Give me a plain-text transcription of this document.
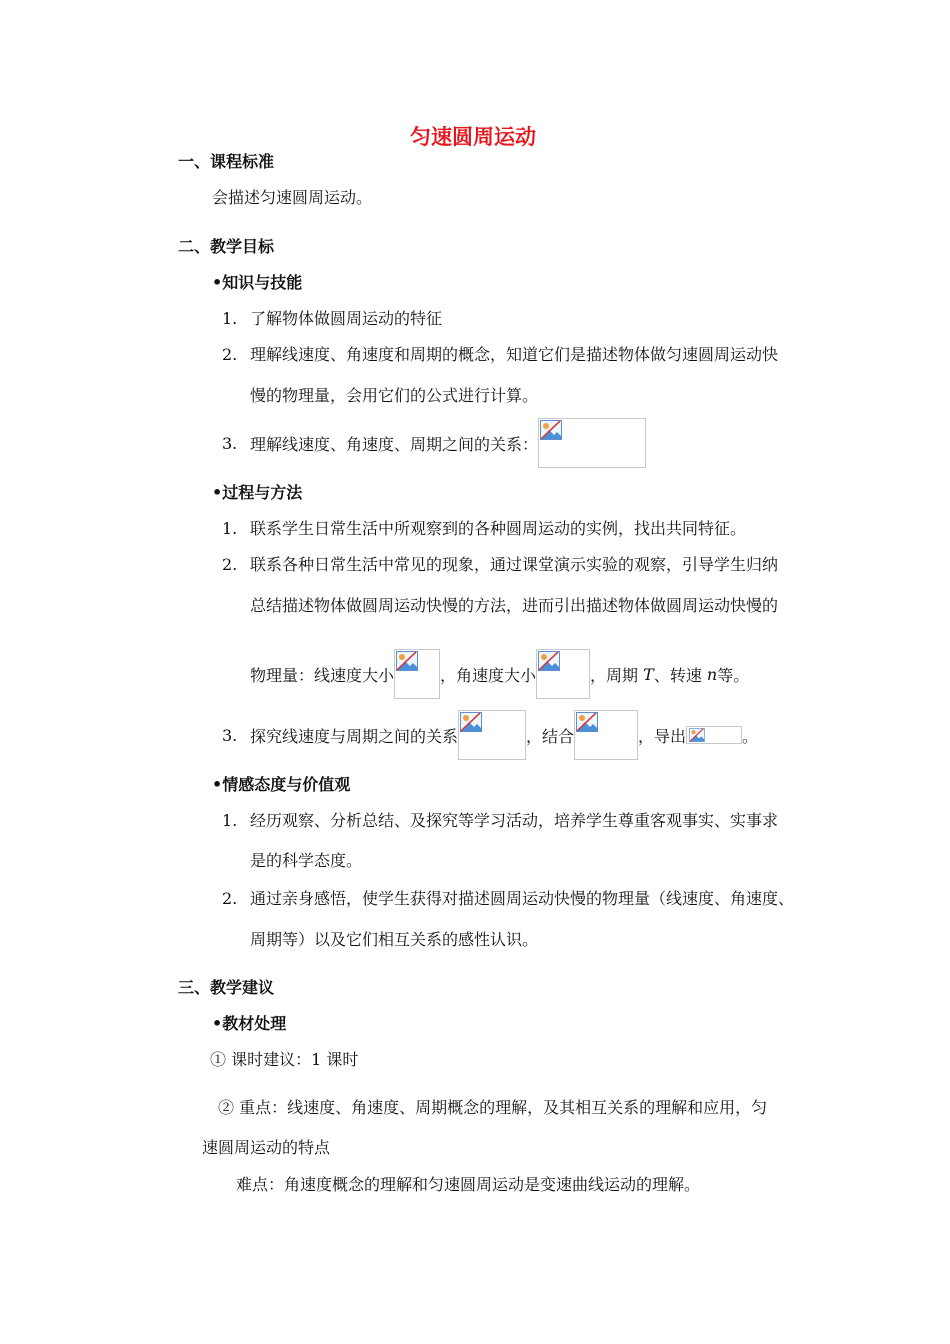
匀速圆周运动
一、课程标准
会描述匀速圆周运动。
二、教学目标
•知识与技能
1. 了解物体做圆周运动的特征
2. 理解线速度、角速度和周期的概念，知道它们是描述物体做匀速圆周运动快
慢的物理量，会用它们的公式进行计算。
3. 理解线速度、角速度、周期之间的关系：
•过程与方法
1. 联系学生日常生活中所观察到的各种圆周运动的实例，找出共同特征。
2. 联系各种日常生活中常见的现象，通过课堂演示实验的观察，引导学生归纳
总结描述物体做圆周运动快慢的方法，进而引出描述物体做圆周运动快慢的
物理量：线速度大小	，角速度大小	，周期
T 、转速
n 等。
3. 探究线速度与周期之间的关系	，结合	，导出	。
•情感态度与价值观
1. 经历观察、分析总结、及探究等学习活动，培养学生尊重客观事实、实事求
是的科学态度。
2. 通过亲身感悟，使学生获得对描述圆周运动快慢的物理量（线速度、角速度、
周期等）以及它们相互关系的感性认识。
三、教学建议
•教材处理
① 课时建议：1 课时
② 重点：线速度、角速度、周期概念的理解，及其相互关系的理解和应用，匀
速圆周运动的特点
难点：角速度概念的理解和匀速圆周运动是变速曲线运动的理解。
